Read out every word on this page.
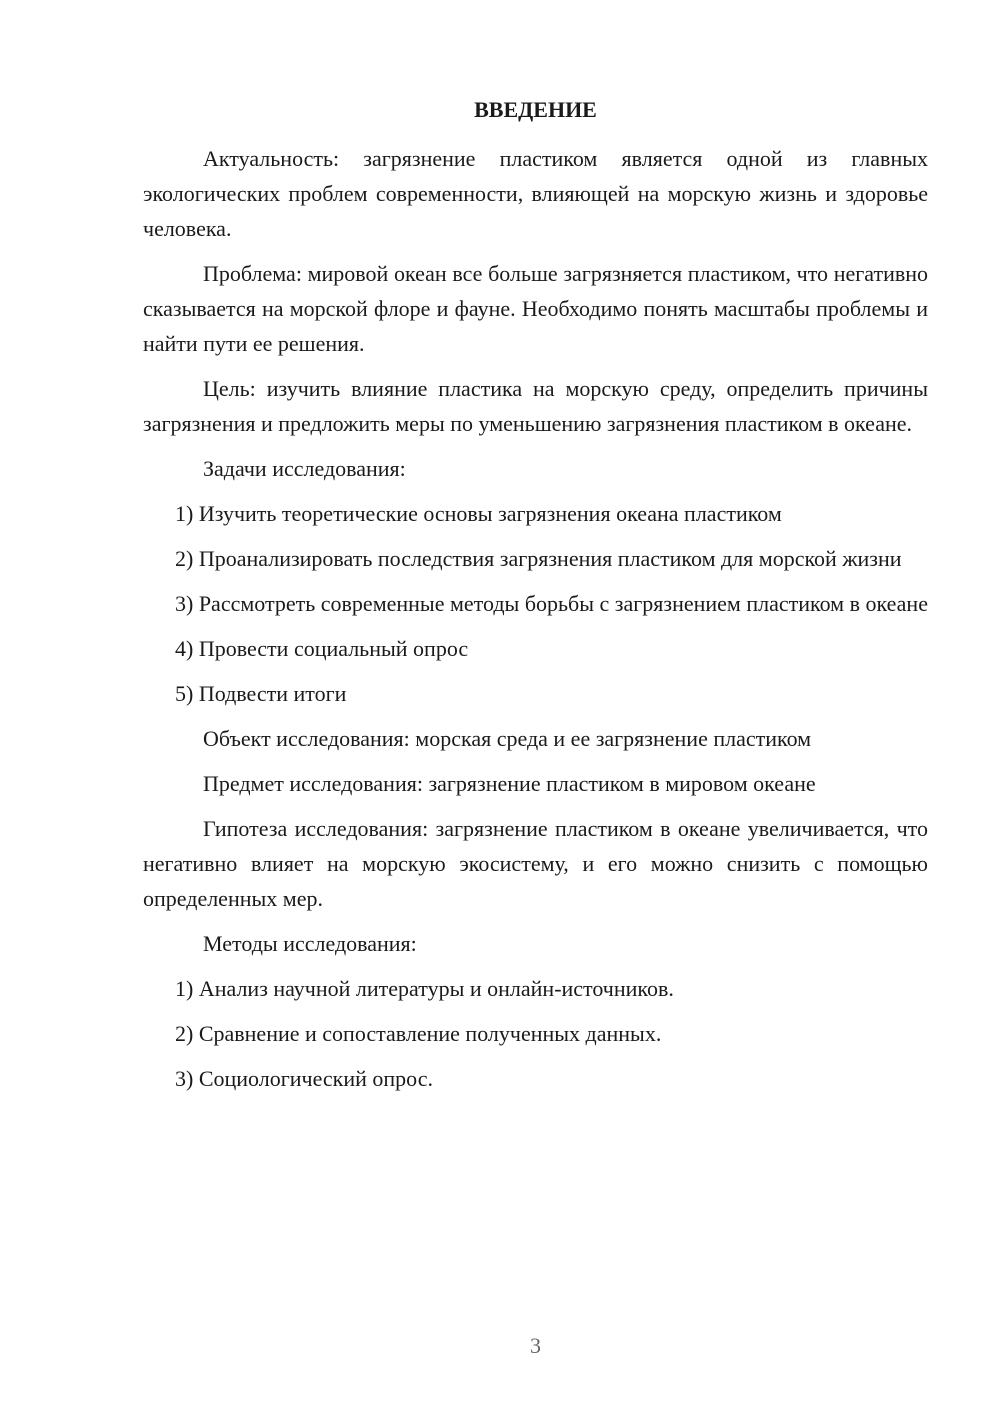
ВВЕДЕНИЕ

Актуальность: загрязнение пластиком является одной из главных экологических проблем современности, влияющей на морскую жизнь и здоровье человека.

Проблема: мировой океан все больше загрязняется пластиком, что негативно сказывается на морской флоре и фауне. Необходимо понять масштабы проблемы и найти пути ее решения.

Цель: изучить влияние пластика на морскую среду, определить причины загрязнения и предложить меры по уменьшению загрязнения пластиком в океане.

Задачи исследования:

1) Изучить теоретические основы загрязнения океана пластиком

2) Проанализировать последствия загрязнения пластиком для морской жизни

3) Рассмотреть современные методы борьбы с загрязнением пластиком в океане

4) Провести социальный опрос

5) Подвести итоги

Объект исследования: морская среда и ее загрязнение пластиком

Предмет исследования: загрязнение пластиком в мировом океане

Гипотеза исследования: загрязнение пластиком в океане увеличивается, что негативно влияет на морскую экосистему, и его можно снизить с помощью определенных мер.

Методы исследования:

1) Анализ научной литературы и онлайн-источников.

2) Сравнение и сопоставление полученных данных.

3) Социологический опрос.

3
